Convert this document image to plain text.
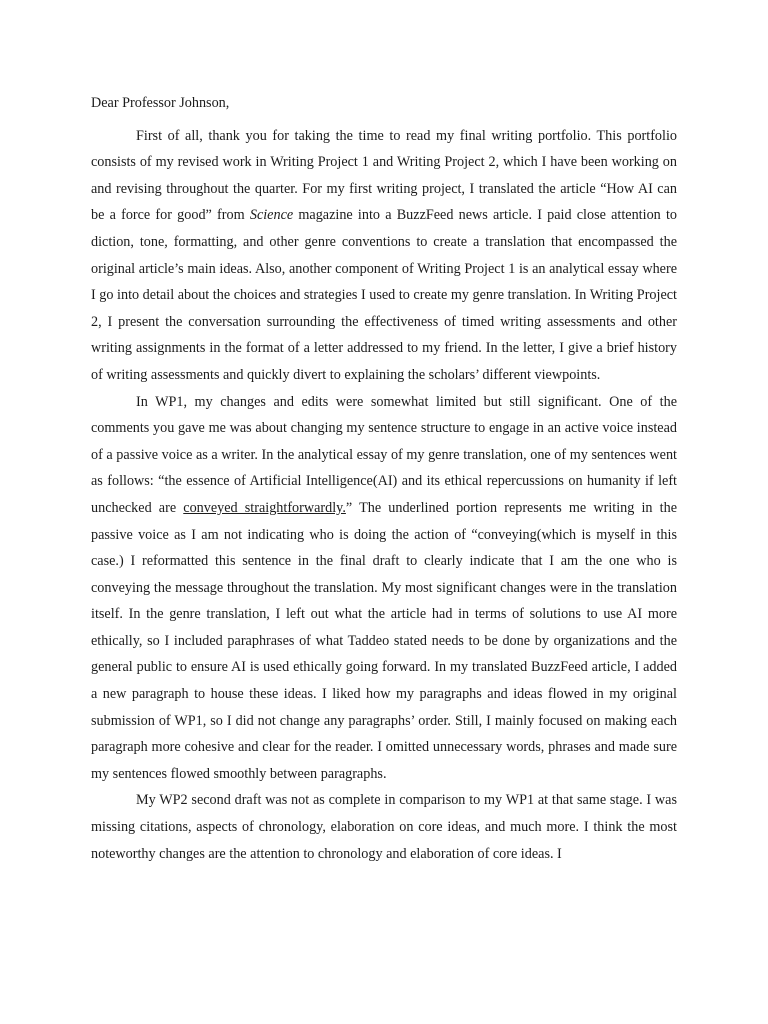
Dear Professor Johnson,

First of all, thank you for taking the time to read my final writing portfolio. This portfolio consists of my revised work in Writing Project 1 and Writing Project 2, which I have been working on and revising throughout the quarter. For my first writing project, I translated the article “How AI can be a force for good” from Science magazine into a BuzzFeed news article. I paid close attention to diction, tone, formatting, and other genre conventions to create a translation that encompassed the original article’s main ideas. Also, another component of Writing Project 1 is an analytical essay where I go into detail about the choices and strategies I used to create my genre translation. In Writing Project 2, I present the conversation surrounding the effectiveness of timed writing assessments and other writing assignments in the format of a letter addressed to my friend. In the letter, I give a brief history of writing assessments and quickly divert to explaining the scholars’ different viewpoints.

In WP1, my changes and edits were somewhat limited but still significant. One of the comments you gave me was about changing my sentence structure to engage in an active voice instead of a passive voice as a writer. In the analytical essay of my genre translation, one of my sentences went as follows: “the essence of Artificial Intelligence(AI) and its ethical repercussions on humanity if left unchecked are conveyed straightforwardly.” The underlined portion represents me writing in the passive voice as I am not indicating who is doing the action of “conveying(which is myself in this case.) I reformatted this sentence in the final draft to clearly indicate that I am the one who is conveying the message throughout the translation. My most significant changes were in the translation itself. In the genre translation, I left out what the article had in terms of solutions to use AI more ethically, so I included paraphrases of what Taddeo stated needs to be done by organizations and the general public to ensure AI is used ethically going forward. In my translated BuzzFeed article, I added a new paragraph to house these ideas. I liked how my paragraphs and ideas flowed in my original submission of WP1, so I did not change any paragraphs’ order. Still, I mainly focused on making each paragraph more cohesive and clear for the reader. I omitted unnecessary words, phrases and made sure my sentences flowed smoothly between paragraphs.

My WP2 second draft was not as complete in comparison to my WP1 at that same stage. I was missing citations, aspects of chronology, elaboration on core ideas, and much more. I think the most noteworthy changes are the attention to chronology and elaboration of core ideas. I
